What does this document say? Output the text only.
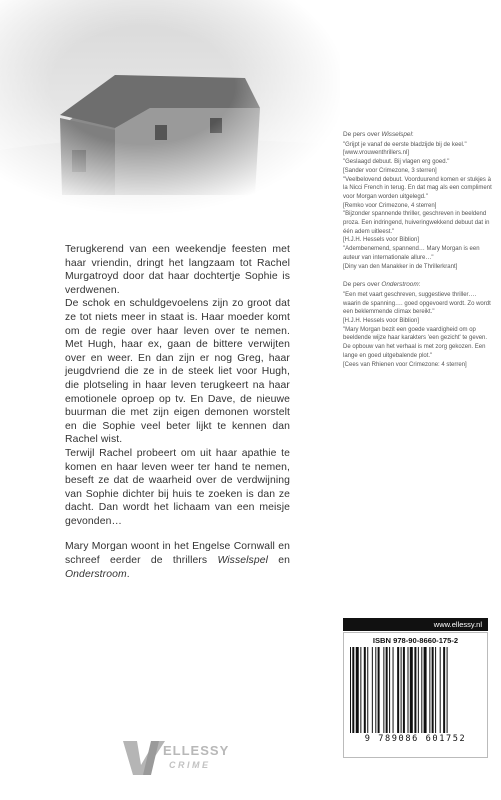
Terugkerend van een weekendje feesten met haar vriendin, dringt het langzaam tot Rachel Murgatroyd door dat haar dochtertje Sophie is verdwenen.

De schok en schuldgevoelens zijn zo groot dat ze tot niets meer in staat is. Haar moeder komt om de regie over haar leven over te nemen. Met Hugh, haar ex, gaan de bittere verwijten over en weer. En dan zijn er nog Greg, haar jeugdvriend die ze in de steek liet voor Hugh, die plotseling in haar leven terugkeert na haar emotionele oproep op tv. En Dave, de nieuwe buurman die met zijn eigen demonen worstelt en die Sophie veel beter lijkt te kennen dan Rachel wist.

Terwijl Rachel probeert om uit haar apathie te komen en haar leven weer ter hand te nemen, beseft ze dat de waarheid over de verdwijning van Sophie dichter bij huis te zoeken is dan ze dacht. Dan wordt het lichaam van een meisje gevonden…

Mary Morgan woont in het Engelse Cornwall en schreef eerder de thrillers Wisselspel en Onderstroom.

De pers over Wisselspel:
"Grijpt je vanaf de eerste bladzijde bij de keel."
[www.vrouwenthrillers.nl]
"Geslaagd debuut. Bij vlagen erg goed."
[Sander voor Crimezone, 3 sterren]
"Veelbelovend debuut. Voorduurend komen er stukjes à la Nicci French in terug. En dat mag als een compliment voor Morgan worden uitgelegd."
[Remko voor Crimezone, 4 sterren]
"Bijzonder spannende thriller, geschreven in beeldend proza. Een indringend, huiveringwekkend debuut dat in één adem uitleest."
[H.J.H. Hessels voor Biblion]
"Adembenemend, spannend… Mary Morgan is een auteur van internationale allure…"
[Diny van den Manakker in de Thrillerkrant]
De pers over Onderstroom:
"Een met vaart geschreven, suggestieve thriller…. waarin de spanning…. goed opgevoerd wordt. Zo wordt een beklemmende climax bereikt."
[H.J.H. Hessels voor Biblion]
"Mary Morgan bezit een goede vaardigheid om op beeldende wijze haar karakters 'een gezicht' te geven. De opbouw van het verhaal is met zorg gekozen. Een lange en goed uitgebalende plot."
[Cees van Rhienen voor Crimezone: 4 sterren]
www.ellessy.nl
ISBN 978-90-8660-175-2
9 789086 601752
ELLESSY
CRIME
